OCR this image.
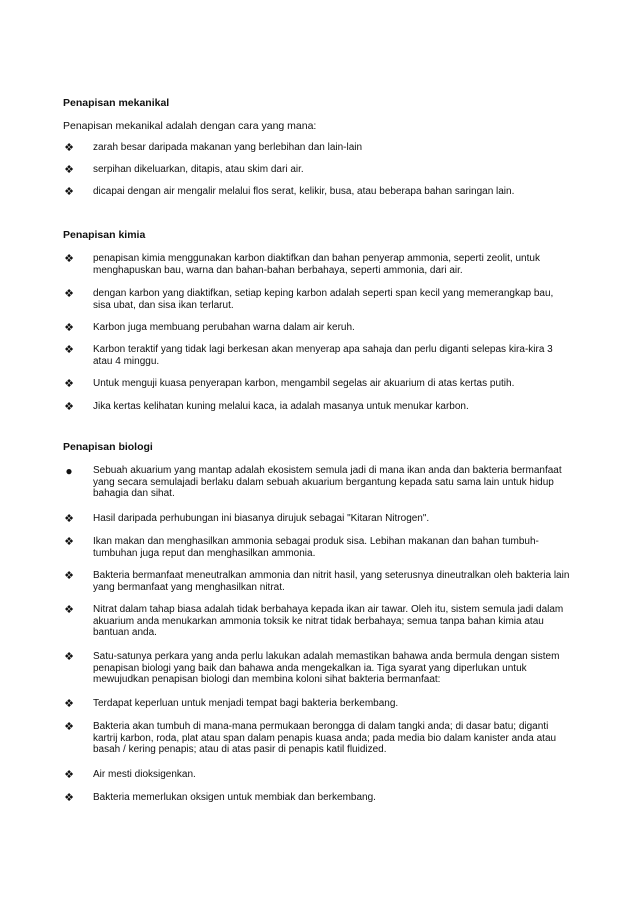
Penapisan mekanikal

Penapisan mekanikal adalah dengan cara yang mana:

❖ zarah besar daripada makanan yang berlebihan dan lain-lain
❖ serpihan dikeluarkan, ditapis, atau skim dari air.
❖ dicapai dengan air mengalir melalui flos serat, kelikir, busa, atau beberapa bahan saringan lain.

Penapisan kimia

❖ penapisan kimia menggunakan karbon diaktifkan dan bahan penyerap ammonia, seperti zeolit, untuk menghapuskan bau, warna dan bahan-bahan berbahaya, seperti ammonia, dari air.
❖ dengan karbon yang diaktifkan, setiap keping karbon adalah seperti span kecil yang memerangkap bau, sisa ubat, dan sisa ikan terlarut.
❖ Karbon juga membuang perubahan warna dalam air keruh.
❖ Karbon teraktif yang tidak lagi berkesan akan menyerap apa sahaja dan perlu diganti selepas kira-kira 3 atau 4 minggu.
❖ Untuk menguji kuasa penyerapan karbon, mengambil segelas air akuarium di atas kertas putih.
❖ Jika kertas kelihatan kuning melalui kaca, ia adalah masanya untuk menukar karbon.

Penapisan biologi

● Sebuah akuarium yang mantap adalah ekosistem semula jadi di mana ikan anda dan bakteria bermanfaat yang secara semulajadi berlaku dalam sebuah akuarium bergantung kepada satu sama lain untuk hidup bahagia dan sihat.
❖ Hasil daripada perhubungan ini biasanya dirujuk sebagai "Kitaran Nitrogen".
❖ Ikan makan dan menghasilkan ammonia sebagai produk sisa. Lebihan makanan dan bahan tumbuh-tumbuhan juga reput dan menghasilkan ammonia.
❖ Bakteria bermanfaat meneutralkan ammonia dan nitrit hasil, yang seterusnya dineutralkan oleh bakteria lain yang bermanfaat yang menghasilkan nitrat.
❖ Nitrat dalam tahap biasa adalah tidak berbahaya kepada ikan air tawar. Oleh itu, sistem semula jadi dalam akuarium anda menukarkan ammonia toksik ke nitrat tidak berbahaya; semua tanpa bahan kimia atau bantuan anda.
❖ Satu-satunya perkara yang anda perlu lakukan adalah memastikan bahawa anda bermula dengan sistem penapisan biologi yang baik dan bahawa anda mengekalkan ia. Tiga syarat yang diperlukan untuk mewujudkan penapisan biologi dan membina koloni sihat bakteria bermanfaat:
❖ Terdapat keperluan untuk menjadi tempat bagi bakteria berkembang.
❖ Bakteria akan tumbuh di mana-mana permukaan berongga di dalam tangki anda; di dasar batu; diganti kartrij karbon, roda, plat atau span dalam penapis kuasa anda; pada media bio dalam kanister anda atau basah / kering penapis; atau di atas pasir di penapis katil fluidized.
❖ Air mesti dioksigenkan.
❖ Bakteria memerlukan oksigen untuk membiak dan berkembang.
